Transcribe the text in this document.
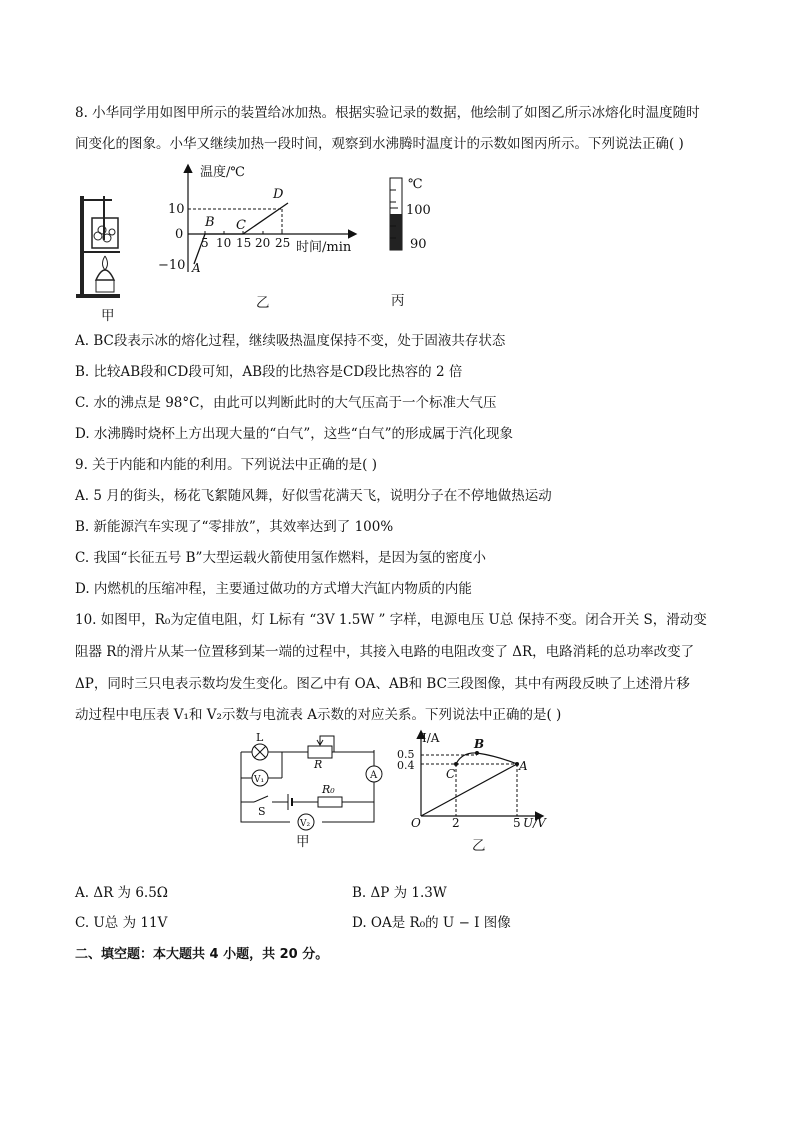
8. 小华同学用如图甲所示的装置给冰加热。根据实验记录的数据，他绘制了如图乙所示冰熔化时温度随时
间变化的图象。小华又继续加热一段时间，观察到水沸腾时温度计的示数如图丙所示。下列说法正确( )
甲
温度/℃
10
0
−10
5 10 15 20 25 时间/min
A
B C
D
乙
℃
100
90
丙
A. BC段表示冰的熔化过程，继续吸热温度保持不变，处于固液共存状态
B. 比较AB段和CD段可知，AB段的比热容是CD段比热容的 2 倍
C. 水的沸点是 98°C，由此可以判断此时的大气压高于一个标准大气压
D. 水沸腾时烧杯上方出现大量的“白气”，这些“白气”的形成属于汽化现象
9. 关于内能和内能的利用。下列说法中正确的是( )
A. 5 月的街头，杨花飞絮随风舞，好似雪花满天飞，说明分子在不停地做热运动
B. 新能源汽车实现了“零排放”，其效率达到了 100%
C. 我国“长征五号 B”大型运载火箭使用氢作燃料，是因为氢的密度小
D. 内燃机的压缩冲程，主要通过做功的方式增大汽缸内物质的内能
10. 如图甲，R₀为定值电阻，灯 L标有 “3V 1.5W ” 字样，电源电压 U总 保持不变。闭合开关 S，滑动变
阻器 R的滑片从某一位置移到某一端的过程中，其接入电路的电阻改变了 ΔR，电路消耗的总功率改变了
ΔP，同时三只电表示数均发生变化。图乙中有 OA、AB和 BC三段图像，其中有两段反映了上述滑片移
动过程中电压表 V₁和 V₂示数与电流表 A示数的对应关系。下列说法中正确的是( )
L
R
A
V₁
S
R₀
V₂
甲
I/A
0.5
0.4
O	2	5 U/V
B
C
A
乙
A. ΔR 为 6.5Ω	B. ΔP 为 1.3W
C. U总 为 11V	D. OA是 R₀的 U − I 图像
二、填空题：本大题共 4 小题，共 20 分。
